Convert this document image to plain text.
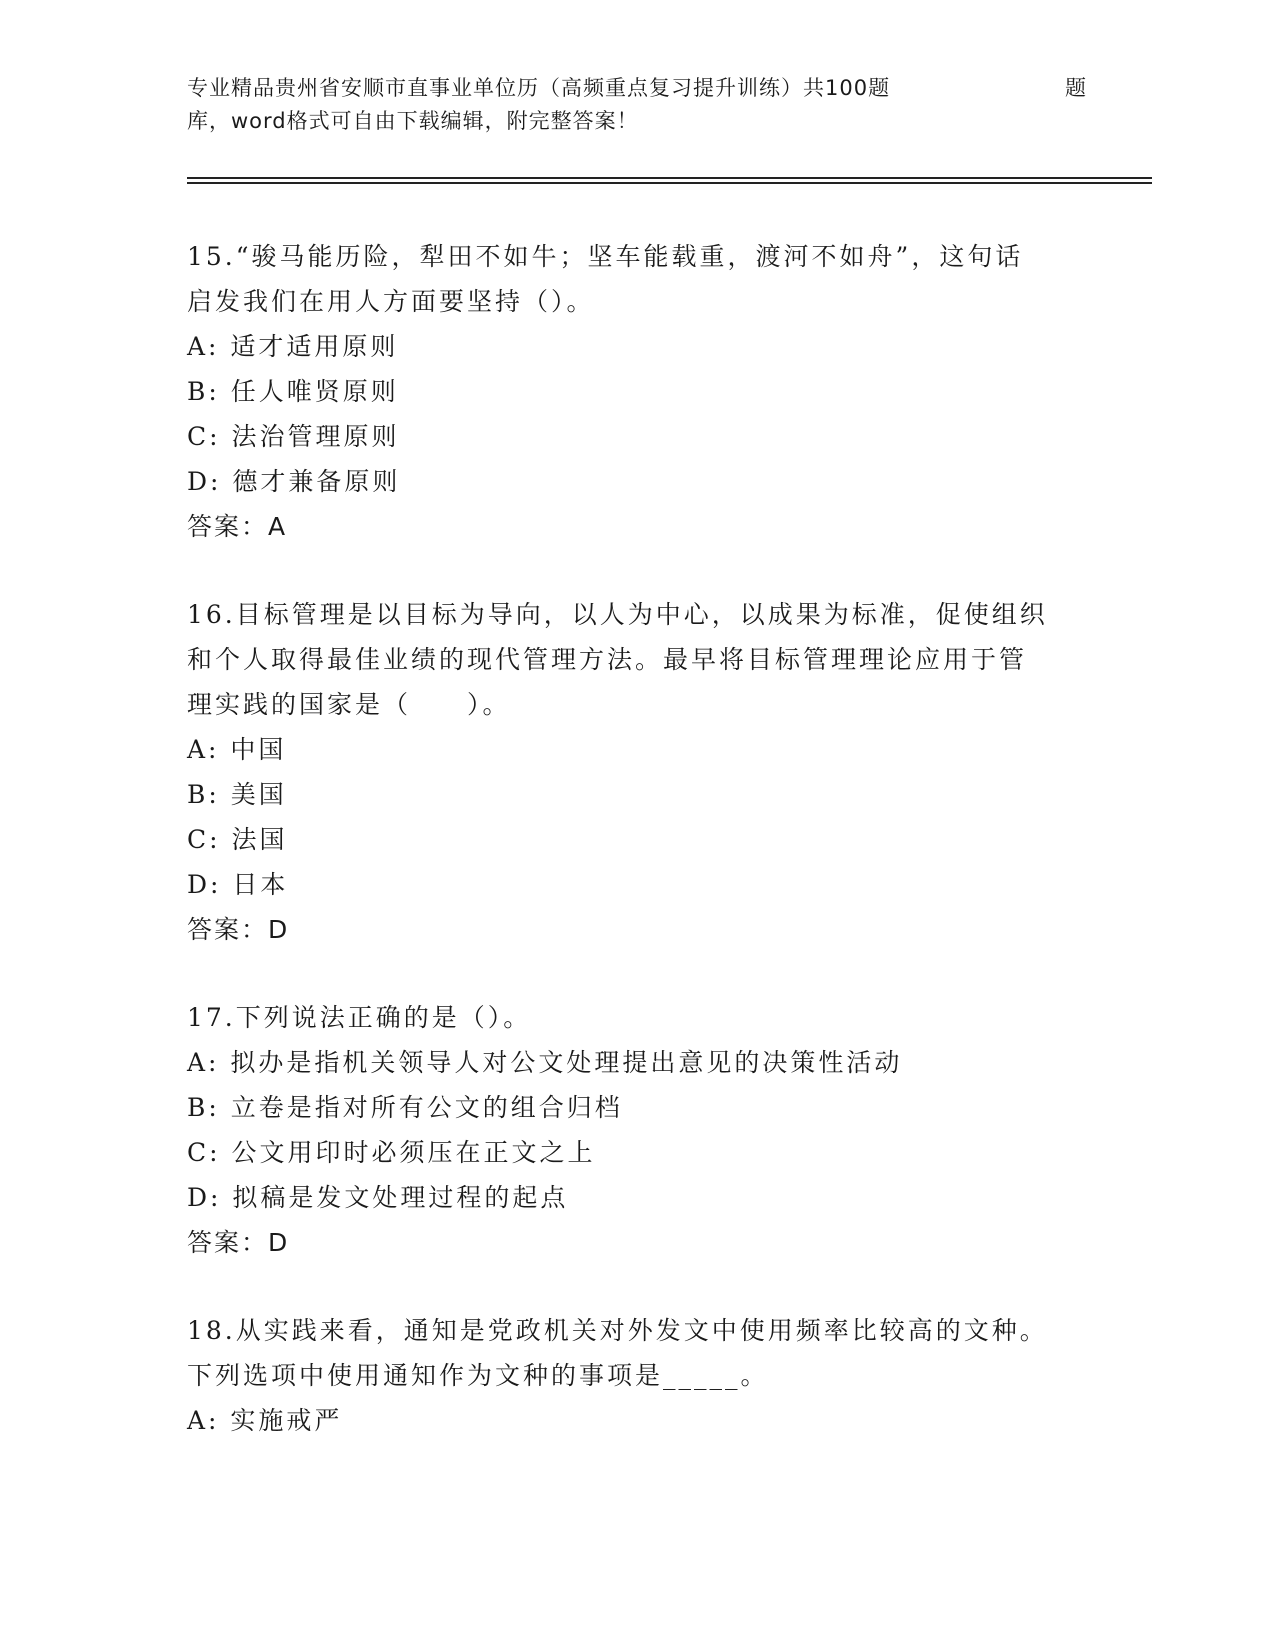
专业精品贵州省安顺市直事业单位历（高频重点复习提升训练）共100题	题
库，word格式可自由下载编辑，附完整答案！

15.“骏马能历险，犁田不如牛；坚车能载重，渡河不如舟”，这句话

启发我们在用人方面要坚持（）。

A: 适才适用原则

B: 任人唯贤原则

C: 法治管理原则

D: 德才兼备原则

答案：A

16.目标管理是以目标为导向，以人为中心，以成果为标准，促使组织

和个人取得最佳业绩的现代管理方法。最早将目标管理理论应用于管

理实践的国家是（　　）。

A: 中国

B: 美国

C: 法国

D: 日本

答案：D

17.下列说法正确的是（）。

A: 拟办是指机关领导人对公文处理提出意见的决策性活动

B: 立卷是指对所有公文的组合归档

C: 公文用印时必须压在正文之上

D: 拟稿是发文处理过程的起点

答案：D

18.从实践来看，通知是党政机关对外发文中使用频率比较高的文种。

下列选项中使用通知作为文种的事项是_____。

A: 实施戒严
